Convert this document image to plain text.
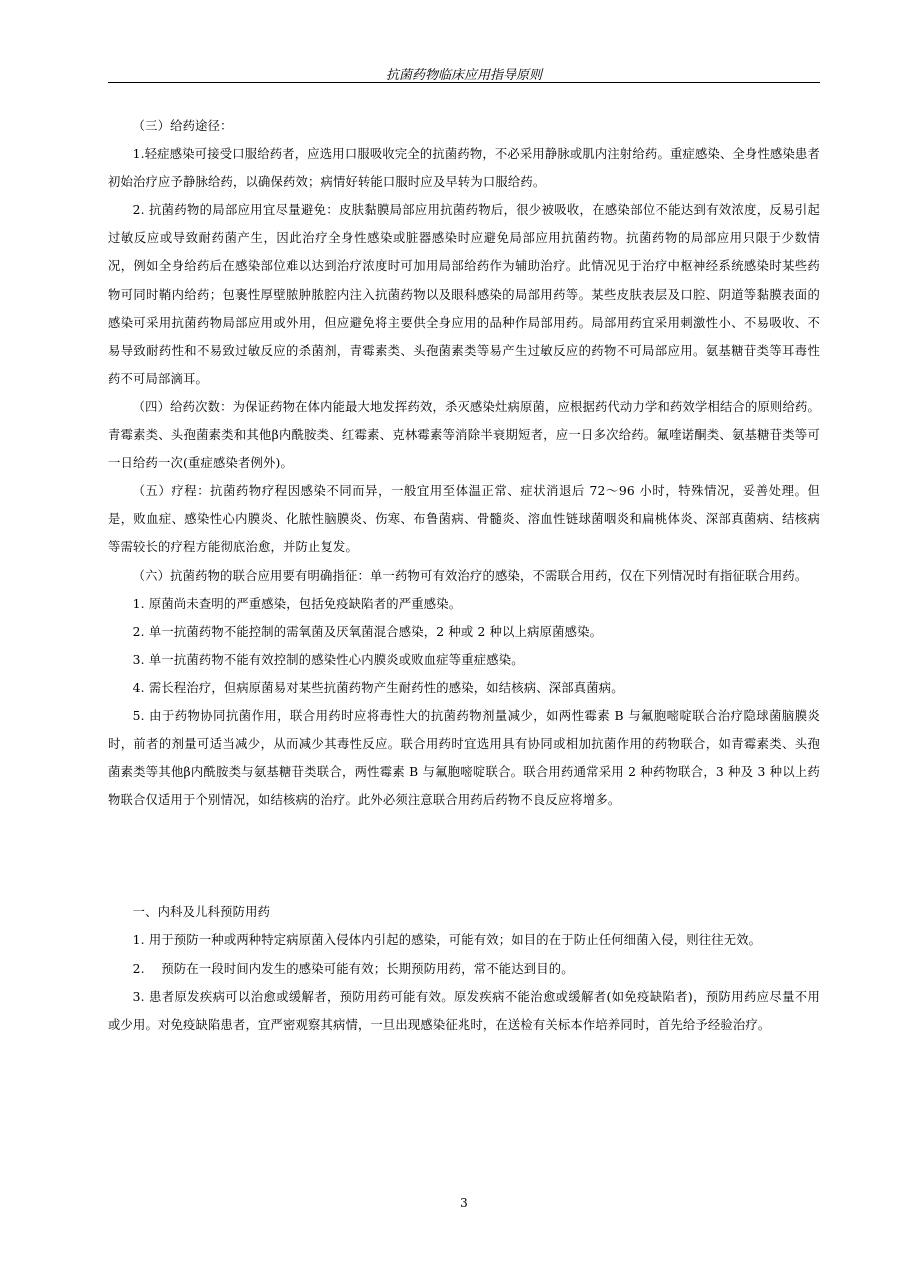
抗菌药物临床应用指导原则

（三）给药途径：

1.轻症感染可接受口服给药者，应选用口服吸收完全的抗菌药物，不必采用静脉或肌内注射给药。重症感染、全身性感染患者初始治疗应予静脉给药，以确保药效；病情好转能口服时应及早转为口服给药。

2. 抗菌药物的局部应用宜尽量避免：皮肤黏膜局部应用抗菌药物后，很少被吸收，在感染部位不能达到有效浓度，反易引起过敏反应或导致耐药菌产生，因此治疗全身性感染或脏器感染时应避免局部应用抗菌药物。抗菌药物的局部应用只限于少数情况，例如全身给药后在感染部位难以达到治疗浓度时可加用局部给药作为辅助治疗。此情况见于治疗中枢神经系统感染时某些药物可同时鞘内给药；包裹性厚壁脓肿脓腔内注入抗菌药物以及眼科感染的局部用药等。某些皮肤表层及口腔、阴道等黏膜表面的感染可采用抗菌药物局部应用或外用，但应避免将主要供全身应用的品种作局部用药。局部用药宜采用刺激性小、不易吸收、不易导致耐药性和不易致过敏反应的杀菌剂，青霉素类、头孢菌素类等易产生过敏反应的药物不可局部应用。氨基糖苷类等耳毒性药不可局部滴耳。

（四）给药次数：为保证药物在体内能最大地发挥药效，杀灭感染灶病原菌，应根据药代动力学和药效学相结合的原则给药。青霉素类、头孢菌素类和其他β内酰胺类、红霉素、克林霉素等消除半衰期短者，应一日多次给药。氟喹诺酮类、氨基糖苷类等可一日给药一次(重症感染者例外)。

（五）疗程：抗菌药物疗程因感染不同而异，一般宜用至体温正常、症状消退后 72～96 小时，特殊情况，妥善处理。但是，败血症、感染性心内膜炎、化脓性脑膜炎、伤寒、布鲁菌病、骨髓炎、溶血性链球菌咽炎和扁桃体炎、深部真菌病、结核病等需较长的疗程方能彻底治愈，并防止复发。

（六）抗菌药物的联合应用要有明确指征：单一药物可有效治疗的感染，不需联合用药，仅在下列情况时有指征联合用药。

1. 原菌尚未查明的严重感染，包括免疫缺陷者的严重感染。

2. 单一抗菌药物不能控制的需氧菌及厌氧菌混合感染，2 种或 2 种以上病原菌感染。

3. 单一抗菌药物不能有效控制的感染性心内膜炎或败血症等重症感染。

4. 需长程治疗，但病原菌易对某些抗菌药物产生耐药性的感染，如结核病、深部真菌病。

5. 由于药物协同抗菌作用，联合用药时应将毒性大的抗菌药物剂量减少，如两性霉素 B 与氟胞嘧啶联合治疗隐球菌脑膜炎时，前者的剂量可适当减少，从而减少其毒性反应。联合用药时宜选用具有协同或相加抗菌作用的药物联合，如青霉素类、头孢菌素类等其他β内酰胺类与氨基糖苷类联合，两性霉素 B 与氟胞嘧啶联合。联合用药通常采用 2 种药物联合，3 种及 3 种以上药物联合仅适用于个别情况，如结核病的治疗。此外必须注意联合用药后药物不良反应将增多。

一、内科及儿科预防用药

1. 用于预防一种或两种特定病原菌入侵体内引起的感染，可能有效；如目的在于防止任何细菌入侵，则往往无效。

2.　 预防在一段时间内发生的感染可能有效；长期预防用药，常不能达到目的。

3. 患者原发疾病可以治愈或缓解者，预防用药可能有效。原发疾病不能治愈或缓解者(如免疫缺陷者)，预防用药应尽量不用或少用。对免疫缺陷患者，宜严密观察其病情，一旦出现感染征兆时，在送检有关标本作培养同时，首先给予经验治疗。

3
